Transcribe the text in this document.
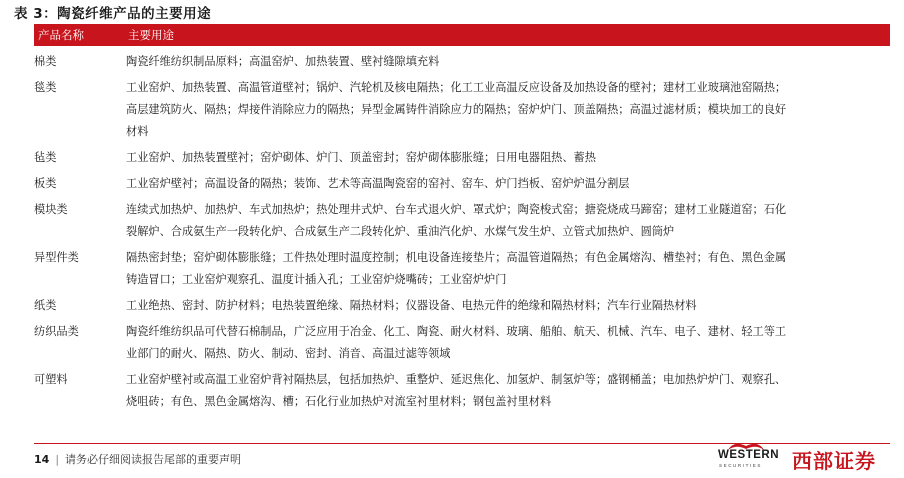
表 3：陶瓷纤维产品的主要用途
产品名称	主要用途
棉类	陶瓷纤维纺织制品原料；高温窑炉、加热装置、壁衬缝隙填充料
毯类	工业窑炉、加热装置、高温管道壁衬；锅炉、汽轮机及核电隔热；化工工业高温反应设备及加热设备的壁衬；建材工业玻璃池窑隔热；
高层建筑防火、隔热；焊接件消除应力的隔热；异型金属铸件消除应力的隔热；窑炉炉门、顶盖隔热；高温过滤材质；模块加工的良好
材料
毡类	工业窑炉、加热装置壁衬；窑炉砌体、炉门、顶盖密封；窑炉砌体膨胀缝；日用电器阻热、蓄热
板类	工业窑炉壁衬；高温设备的隔热；装饰、艺术等高温陶瓷窑的窑衬、窑车、炉门挡板、窑炉炉温分割层
模块类	连续式加热炉、加热炉、车式加热炉；热处理井式炉、台车式退火炉、罩式炉；陶瓷梭式窑；搪瓷烧成马蹄窑；建材工业隧道窑；石化
裂解炉、合成氨生产一段转化炉、合成氨生产二段转化炉、重油汽化炉、水煤气发生炉、立管式加热炉、圆筒炉
异型件类	隔热密封垫；窑炉砌体膨胀缝；工件热处理时温度控制；机电设备连接垫片；高温管道隔热；有色金属熔沟、槽垫衬；有色、黑色金属
铸造冒口；工业窑炉观察孔、温度计插入孔；工业窑炉烧嘴砖；工业窑炉炉门
纸类	工业绝热、密封、防护材料；电热装置绝缘、隔热材料；仪器设备、电热元件的绝缘和隔热材料；汽车行业隔热材料
纺织品类	陶瓷纤维纺织品可代替石棉制品，广泛应用于冶金、化工、陶瓷、耐火材料、玻璃、船舶、航天、机械、汽车、电子、建材、轻工等工
业部门的耐火、隔热、防火、制动、密封、消音、高温过滤等领域
可塑料	工业窑炉壁衬或高温工业窑炉背衬隔热层，包括加热炉、重整炉、延迟焦化、加氢炉、制氢炉等；盛钢桶盖；电加热炉炉门、观察孔、
烧咀砖；有色、黑色金属熔沟、槽；石化行业加热炉对流室衬里材料；钢包盖衬里材料
14 | 请务必仔细阅读报告尾部的重要声明	WESTERN
SECURITIES 西部证券
